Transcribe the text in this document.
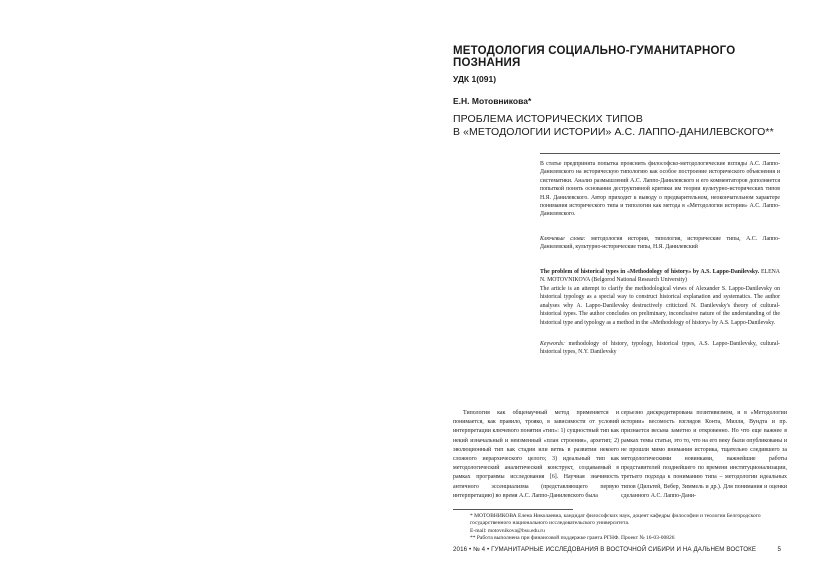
МЕТОДОЛОГИЯ СОЦИАЛЬНО-ГУМАНИТАРНОГО ПОЗНАНИЯ
УДК 1(091)
Е.Н. Мотовникова*
ПРОБЛЕМА ИСТОРИЧЕСКИХ ТИПОВ
В «МЕТОДОЛОГИИ ИСТОРИИ» А.С. ЛАППО-ДАНИЛЕВСКОГО**
В статье предпринята попытка прояснить философско-методологические взгляды А.С. Лаппо-Данилевского на историческую типологию как особое построение исторического объяснения и систематики. Анализ размышлений А.С. Лаппо-Данилевского и его комментаторов дополняется попыткой понять основания деструктивной критики им теории культурно-исторических типов Н.Я. Данилевского. Автор приходит к выводу о предварительном, неокончательном характере понимания исторического типа и типологии как метода в «Методологии истории» А.С. Лаппо-Данилевского.
Ключевые слова: методология истории, типология, исторические типы, А.С. Лаппо-Данилевский, культурно-исторические типы, Н.Я. Данилевский
The problem of historical types in «Methodology of history» by A.S. Lappo-Danilevsky. ELENA N. MOTOVNIKOVA (Belgorod National Research University)
The article is an attempt to clarify the methodological views of Alexander S. Lappo-Danilevsky on historical typology as a special way to construct historical explanation and systematics. The author analyses why A. Lappo-Danilevsky destructively criticized N. Danilevsky's theory of cultural-historical types. The author concludes on preliminary, inconclusive nature of the understanding of the historical type and typology as a method in the «Methodology of history» by A.S. Lappo-Danilevsky.
Keywords: methodology of history, typology, historical types, A.S. Lappo-Danilevsky, cultural-historical types, N.Y. Danilevsky
Типология как общенаучный метод применяется и понимается, как правило, трояко, в зависимости от условий интерпретации ключевого понятия «тип»: 1) сущностный тип как некий изначальный и неизменный «план строения», архетип; 2) эволюционный тип как стадия или ветвь в развитии некоего сложного иерархического целого; 3) идеальный тип как методологический аналитический конструкт, создаваемый в рамках программы исследования [6]. Научная значимость античного эссенциализма (представляющего первую интерпретацию) во время А.С. Лаппо-Данилевского была
серьезно дискредитирована позитивизмом, и в «Методологии истории» весомость взглядов Конта, Милля, Вундта и пр. признается весьма заметно и откровенно. Но что еще важнее в рамках темы статьи, это то, что на его веку были опубликованы и не прошли мимо внимания историка, тщательно следившего за методологическими новинками, важнейшие работы представителей позднейшего по времени институционализации, третьего подхода к пониманию типа – методологии идеальных типов (Дильтей, Вебер, Зиммель и др.). Для понимания и оценки сделанного А.С. Лаппо-Дани-
* МОТОВНИКОВА Елена Николаевна, кандидат философских наук, доцент кафедры философии и теологии Белгородского государственного национального исследовательского университета.
E-mail: motovnikova@bsu.edu.ru
** Работа выполнена при финансовой поддержке гранта РГНФ. Проект № 16-03-00826
2016 • № 4 • ГУМАНИТАРНЫЕ ИССЛЕДОВАНИЯ В ВОСТОЧНОЙ СИБИРИ И НА ДАЛЬНЕМ ВОСТОКЕ	5
